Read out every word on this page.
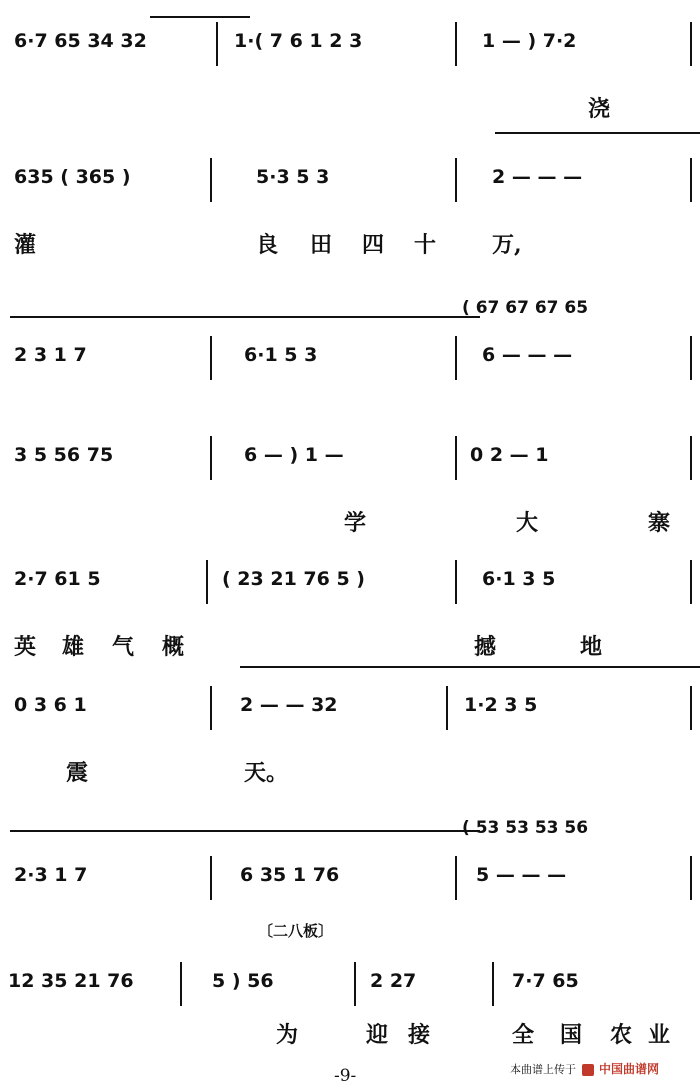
6·7 65 34 32	1·( 7 6 1 2 3	1 — ) 7·2
浇
635 ( 365 )	5·3 5 3	2 — — —
灌	良 田 四 十	万,
( 67 67 67 65
2 3 1 7	6·1 5 3	6 — — —
3 5 56 75	6 — ) 1 —	0 2 — 1
学	大	寨
2·7 61 5	( 23 21 76 5 )	6·1 3 5
英 雄 气 概	撼	地
0 3 6 1	2 — — 32	1·2 3 5
震	天。
( 53 53 53 56
2·3 1 7	6 35 1 76	5 — — —
〔二八板〕
12 35 21 76	5 ) 56	2 27	7·7 65
为	迎 接	全 国 农 业
-9-	本曲谱上传于 中国曲谱网
